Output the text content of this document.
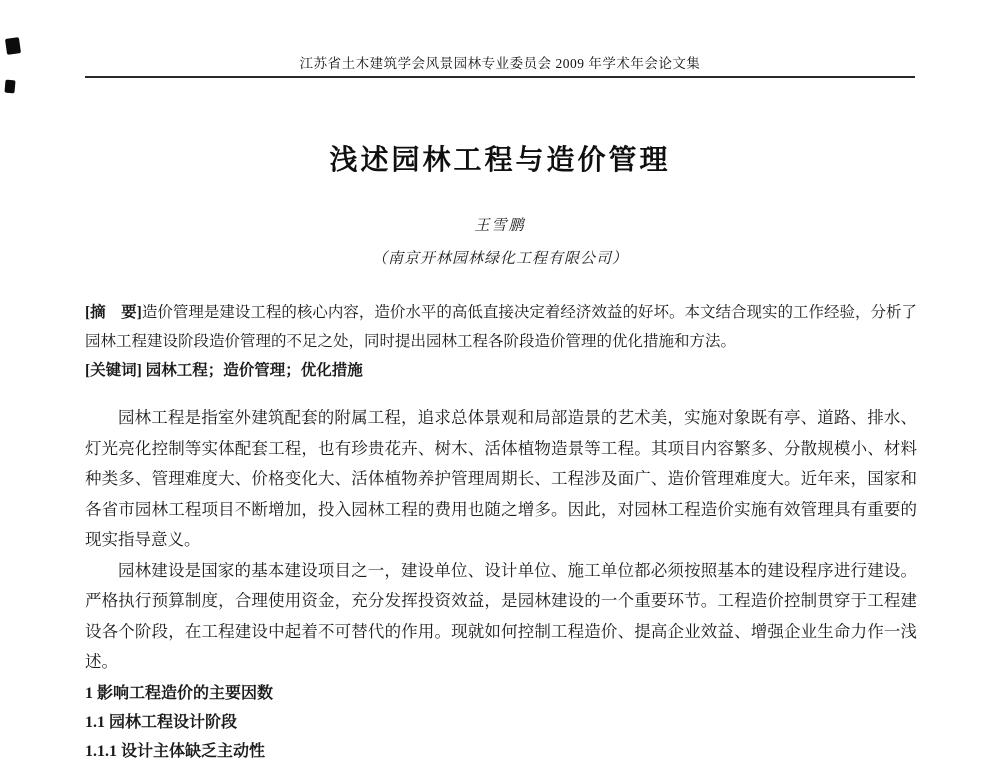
江苏省土木建筑学会风景园林专业委员会 2009 年学术年会论文集
浅述园林工程与造价管理
王雪鹏
（南京开林园林绿化工程有限公司）

[摘　要]造价管理是建设工程的核心内容，造价水平的高低直接决定着经济效益的好坏。本文结合现实的工作经验，分析了园林工程建设阶段造价管理的不足之处，同时提出园林工程各阶段造价管理的优化措施和方法。

[关键词] 园林工程；造价管理；优化措施

园林工程是指室外建筑配套的附属工程，追求总体景观和局部造景的艺术美，实施对象既有亭、道路、排水、灯光亮化控制等实体配套工程，也有珍贵花卉、树木、活体植物造景等工程。其项目内容繁多、分散规模小、材料种类多、管理难度大、价格变化大、活体植物养护管理周期长、工程涉及面广、造价管理难度大。近年来，国家和各省市园林工程项目不断增加，投入园林工程的费用也随之增多。因此，对园林工程造价实施有效管理具有重要的现实指导意义。

园林建设是国家的基本建设项目之一，建设单位、设计单位、施工单位都必须按照基本的建设程序进行建设。严格执行预算制度，合理使用资金，充分发挥投资效益，是园林建设的一个重要环节。工程造价控制贯穿于工程建设各个阶段，在工程建设中起着不可替代的作用。现就如何控制工程造价、提高企业效益、增强企业生命力作一浅述。

1 影响工程造价的主要因数

1.1 园林工程设计阶段

1.1.1 设计主体缺乏主动性
